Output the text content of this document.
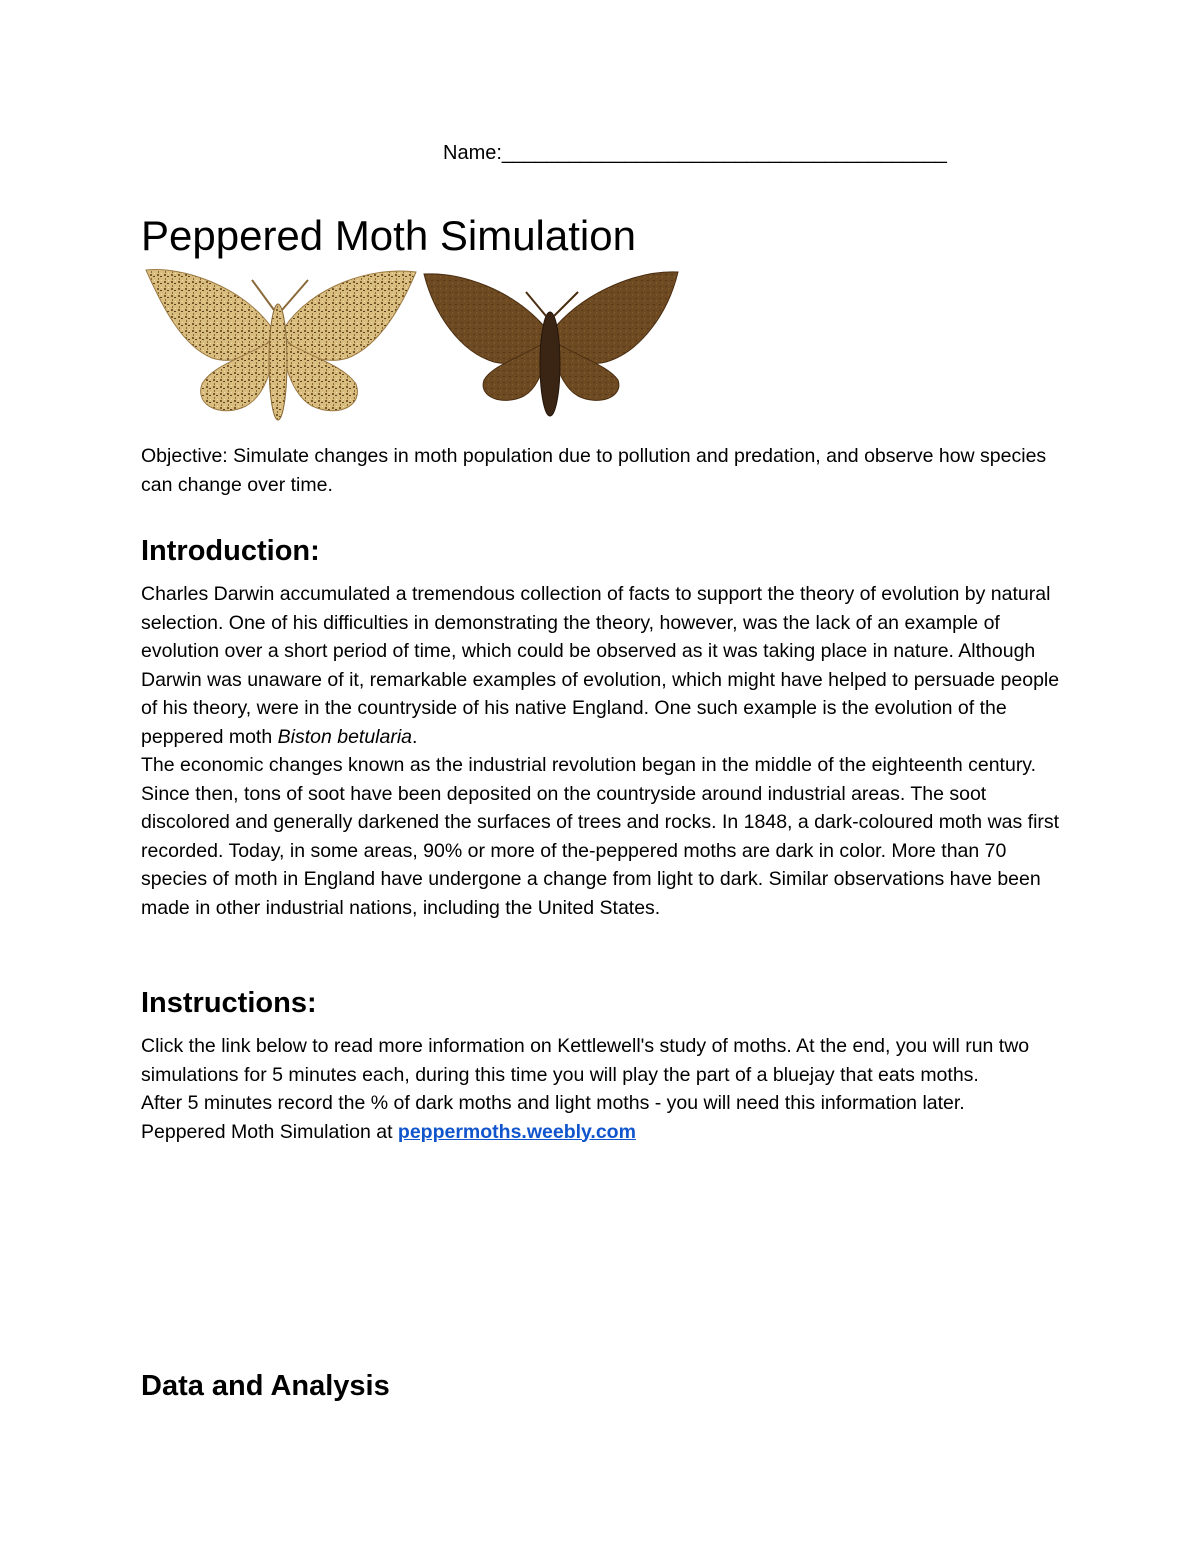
Name:________________________________________
Peppered Moth Simulation

Objective: Simulate changes in moth population due to pollution and predation, and observe how species can change over time.

Introduction:

Charles Darwin accumulated a tremendous collection of facts to support the theory of evolution by natural selection. One of his difficulties in demonstrating the theory, however, was the lack of an example of evolution over a short period of time, which could be observed as it was taking place in nature. Although Darwin was unaware of it, remarkable examples of evolution, which might have helped to persuade people of his theory, were in the countryside of his native England. One such example is the evolution of the peppered moth Biston betularia.

The economic changes known as the industrial revolution began in the middle of the eighteenth century. Since then, tons of soot have been deposited on the countryside around industrial areas. The soot discolored and generally darkened the surfaces of trees and rocks. In 1848, a dark-coloured moth was first recorded. Today, in some areas, 90% or more of the-peppered moths are dark in color. More than 70 species of moth in England have undergone a change from light to dark. Similar observations have been made in other industrial nations, including the United States.

Instructions:

Click the link below to read more information on Kettlewell's study of moths. At the end, you will run two simulations for 5 minutes each, during this time you will play the part of a bluejay that eats moths.

After 5 minutes record the % of dark moths and light moths - you will need this information later.

Peppered Moth Simulation at peppermoths.weebly.com

Data and Analysis
